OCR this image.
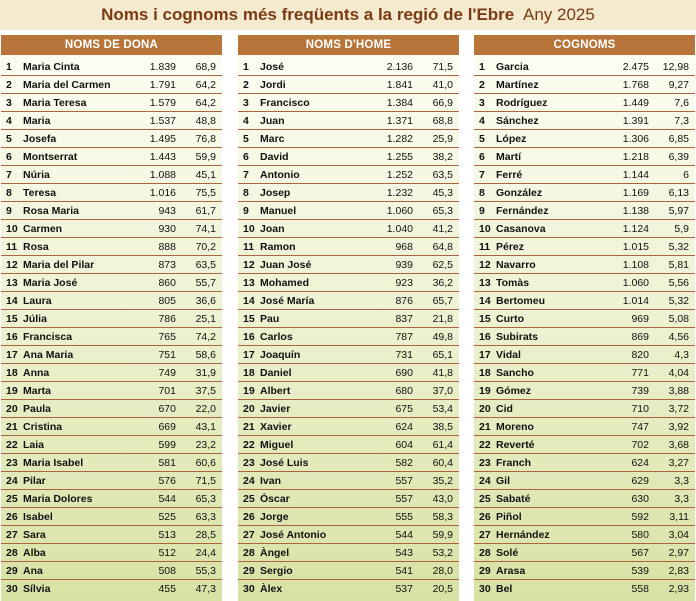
Noms i cognoms més freqüents a la regió de l'Ebre Any 2025
NOMS DE DONA
1	Maria Cinta	1.839	68,9
2	Maria del Carmen	1.791	64,2
3	Maria Teresa	1.579	64,2
4	Maria	1.537	48,8
5	Josefa	1.495	76,8
6	Montserrat	1.443	59,9
7	Núria	1.088	45,1
8	Teresa	1.016	75,5
9	Rosa Maria	943	61,7
10 Carmen	930	74,1
11 Rosa	888	70,2
12 Maria del Pilar	873	63,5
13 Maria José	860	55,7
14 Laura	805	36,6
15 Júlia	786	25,1
16 Francisca	765	74,2
17 Ana Maria	751	58,6
18 Anna	749	31,9
19 Marta	701	37,5
20 Paula	670	22,0
21 Cristina	669	43,1
22 Laia	599	23,2
23 Maria Isabel	581	60,6
24 Pilar	576	71,5
25 Maria Dolores	544	65,3
26 Isabel	525	63,3
27 Sara	513	28,5
28 Alba	512	24,4
29 Ana	508	55,3
30 Sílvia	455	47,3
NOMS D'HOME
1	José	2.136	71,5
2	Jordi	1.841	41,0
3	Francisco	1.384	66,9
4	Juan	1.371	68,8
5	Marc	1.282	25,9
6	David	1.255	38,2
7	Antonio	1.252	63,5
8	Josep	1.232	45,3
9	Manuel	1.060	65,3
10 Joan	1.040	41,2
11 Ramon	968	64,8
12 Juan José	939	62,5
13 Mohamed	923	36,2
14 José María	876	65,7
15 Pau	837	21,8
16 Carlos	787	49,8
17 Joaquín	731	65,1
18 Daniel	690	41,8
19 Albert	680	37,0
20 Javier	675	53,4
21 Xavier	624	38,5
22 Miguel	604	61,4
23 José Luis	582	60,4
24 Ivan	557	35,2
25 Òscar	557	43,0
26 Jorge	555	58,3
27 José Antonio	544	59,9
28 Àngel	543	53,2
29 Sergio	541	28,0
30 Àlex	537	20,5
COGNOMS
1	Garcia	2.475	12,98
2	Martínez	1.768	9,27
3	Rodríguez	1.449	7,6
4	Sánchez	1.391	7,3
5	López	1.306	6,85
6	Martí	1.218	6,39
7	Ferré	1.144	6
8	González	1.169	6,13
9	Fernández	1.138	5,97
10 Casanova	1.124	5,9
11 Pérez	1.015	5,32
12 Navarro	1.108	5,81
13 Tomàs	1.060	5,56
14 Bertomeu	1.014	5,32
15 Curto	969	5,08
16 Subirats	869	4,56
17 Vidal	820	4,3
18 Sancho	771	4,04
19 Gómez	739	3,88
20 Cid	710	3,72
21 Moreno	747	3,92
22 Reverté	702	3,68
23 Franch	624	3,27
24 Gil	629	3,3
25 Sabaté	630	3,3
26 Piñol	592	3,11
27 Hernández	580	3,04
28 Solé	567	2,97
29 Arasa	539	2,83
30 Bel	558	2,93
